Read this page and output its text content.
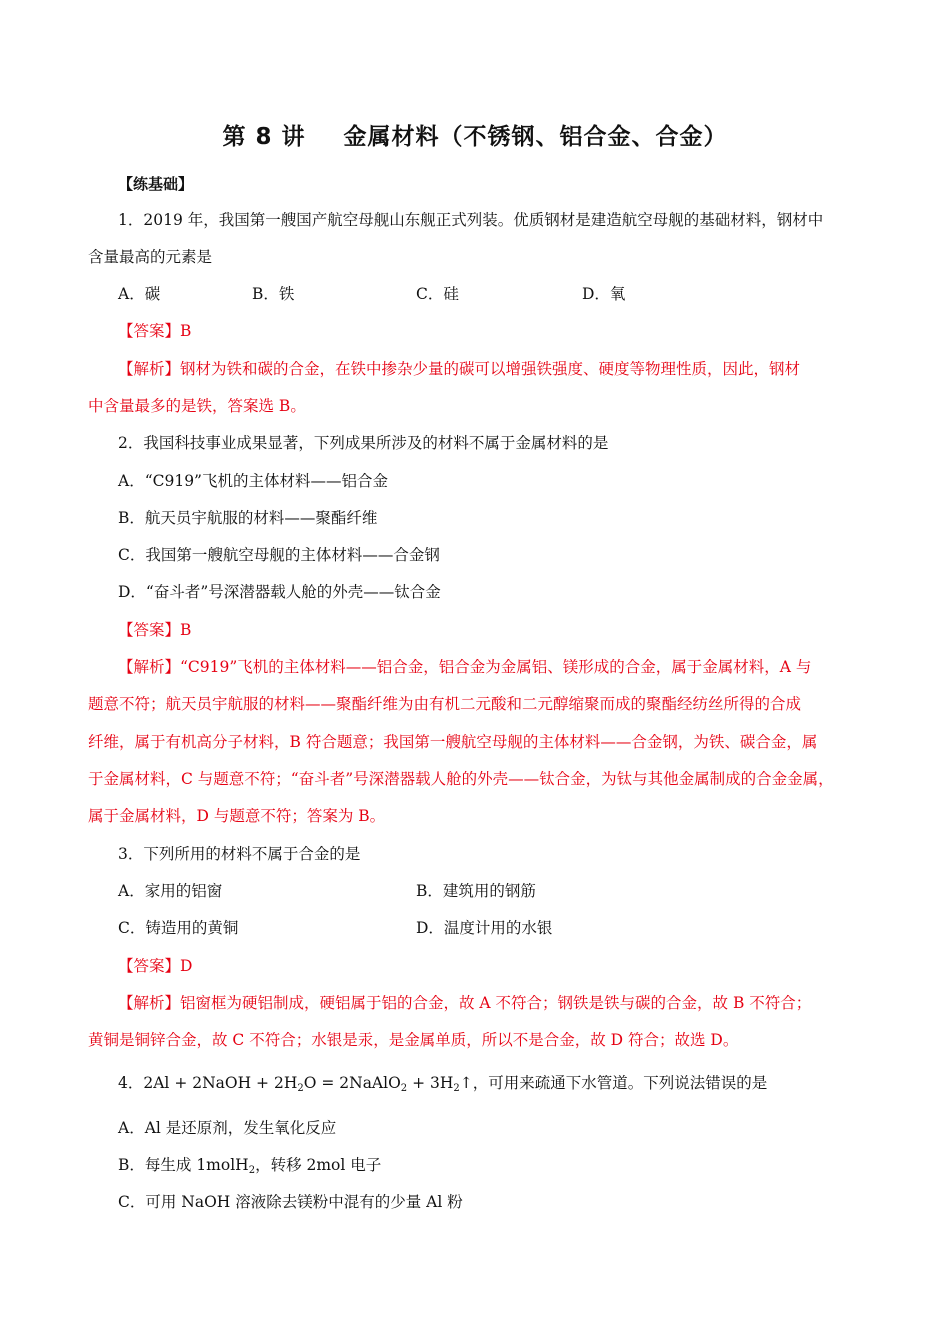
第 8 讲 金属材料（不锈钢、铝合金、合金）
【练基础】
1．2019 年，我国第一艘国产航空母舰山东舰正式列装。优质钢材是建造航空母舰的基础材料，钢材中
含量最高的元素是
A．碳	B．铁	C．硅	D．氧
【答案】B
【解析】钢材为铁和碳的合金，在铁中掺杂少量的碳可以增强铁强度、硬度等物理性质，因此，钢材
中含量最多的是铁，答案选 B。
2．我国科技事业成果显著，下列成果所涉及的材料不属于金属材料的是
A．“C919”飞机的主体材料——铝合金
B．航天员宇航服的材料——聚酯纤维
C．我国第一艘航空母舰的主体材料——合金钢
D．“奋斗者”号深潜器载人舱的外壳——钛合金
【答案】B
【解析】“C919”飞机的主体材料——铝合金，铝合金为金属铝、镁形成的合金，属于金属材料，A 与
题意不符；航天员宇航服的材料——聚酯纤维为由有机二元酸和二元醇缩聚而成的聚酯经纺丝所得的合成
纤维，属于有机高分子材料，B 符合题意；我国第一艘航空母舰的主体材料——合金钢，为铁、碳合金，属
于金属材料，C 与题意不符；“奋斗者”号深潜器载人舱的外壳——钛合金，为钛与其他金属制成的合金金属，
属于金属材料，D 与题意不符；答案为 B。
3．下列所用的材料不属于合金的是
A．家用的铝窗	B．建筑用的钢筋
C．铸造用的黄铜	D．温度计用的水银
【答案】D
【解析】铝窗框为硬铝制成，硬铝属于铝的合金，故 A 不符合；钢铁是铁与碳的合金，故 B 不符合；
黄铜是铜锌合金，故 C 不符合；水银是汞，是金属单质，所以不是合金，故 D 符合；故选 D。
4．2Al + 2NaOH + $2H_2O$ = 2NaAlO$_2$ + $3H_2↑$，可用来疏通下水管道。下列说法错误的是
A．Al 是还原剂，发生氧化反应
B．每生成 1molH$_2$，转移 2mol 电子
C．可用 NaOH 溶液除去镁粉中混有的少量 Al 粉
